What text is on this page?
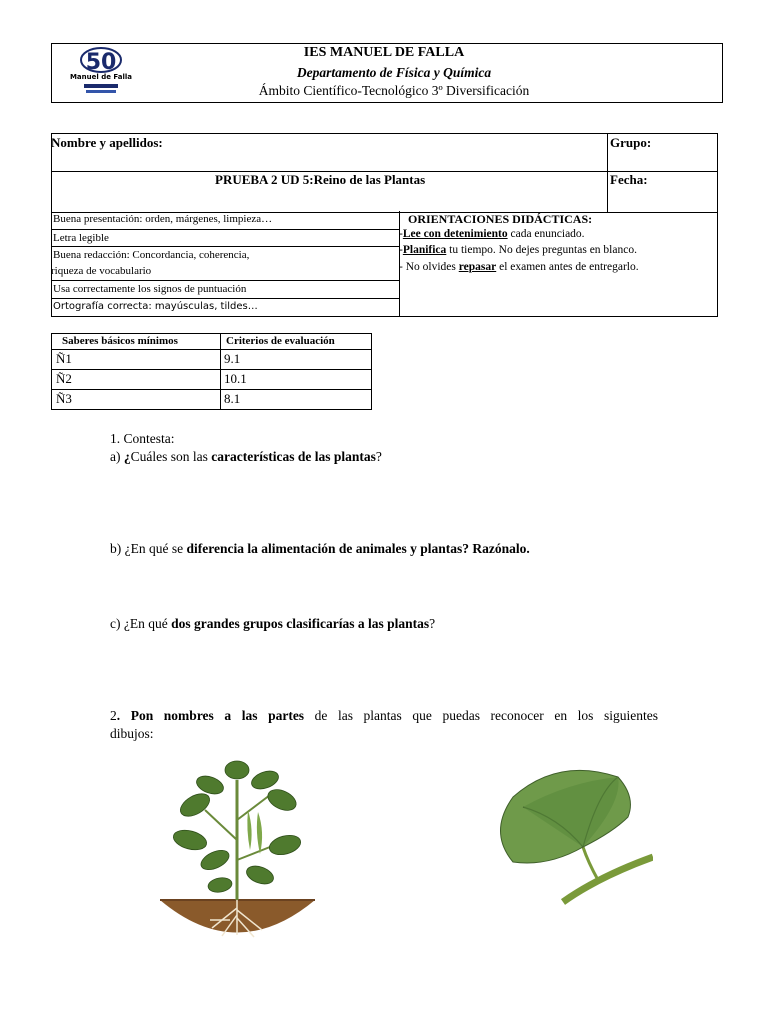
50
Manuel de Falla
IES MANUEL DE FALLA
Departamento de Física y Química
Ámbito Científico-Tecnológico 3º Diversificación
Nombre y apellidos:	Grupo:
PRUEBA 2 UD 5:Reino de las Plantas	Fecha:
Buena presentación: orden, márgenes, limpieza…
Letra legible
Buena redacción: Concordancia, coherencia,
riqueza de vocabulario
Usa correctamente los signos de puntuación
Ortografía correcta: mayúsculas, tildes…
ORIENTACIONES DIDÁCTICAS:
-Lee con detenimiento cada enunciado.
-Planifica tu tiempo. No dejes preguntas en blanco.
- No olvides repasar el examen antes de entregarlo.
Saberes básicos mínimos	Criterios de evaluación
Ñ1	9.1
Ñ2	10.1
Ñ3	8.1
1. Contesta:
a) ¿Cuáles son las características de las plantas?
b) ¿En qué se diferencia la alimentación de animales y plantas? Razónalo.
c) ¿En qué dos grandes grupos clasificarías a las plantas?
2. Pon nombres a las partes de las plantas que puedas reconocer en los siguientes
dibujos:
